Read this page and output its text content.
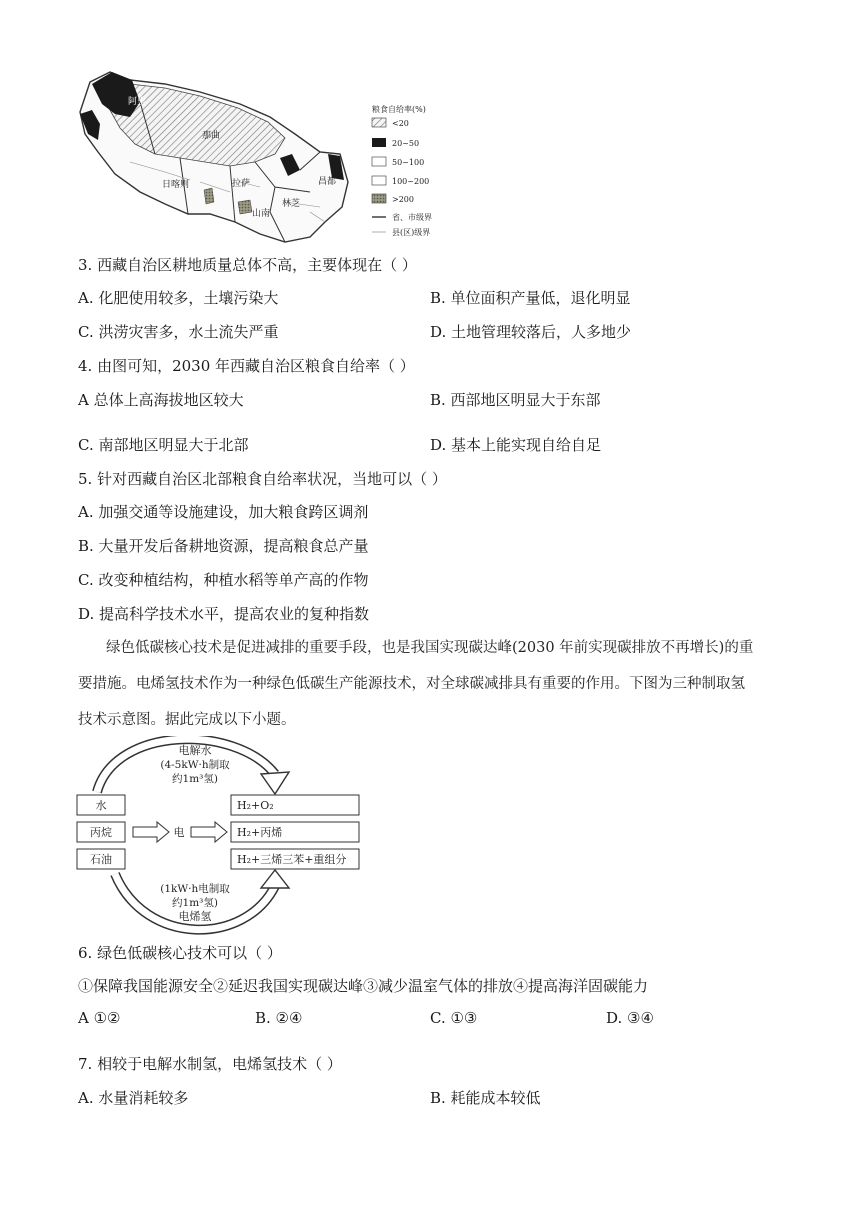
阿里
那曲
日喀则	拉萨	昌都
林芝
山南
粮食自给率(%)
<20
20~50
50~100
100~200
>200
省、市级界
县(区)级界
3. 西藏自治区耕地质量总体不高，主要体现在（ ）
A. 化肥使用较多，土壤污染大	B. 单位面积产量低，退化明显
C. 洪涝灾害多，水土流失严重	D. 土地管理较落后，人多地少
4. 由图可知，2030 年西藏自治区粮食自给率（ ）
A 总体上高海拔地区较大	B. 西部地区明显大于东部
C. 南部地区明显大于北部	D. 基本上能实现自给自足
5. 针对西藏自治区北部粮食自给率状况，当地可以（ ）
A. 加强交通等设施建设，加大粮食跨区调剂
B. 大量开发后备耕地资源，提高粮食总产量
C. 改变种植结构，种植水稻等单产高的作物
D. 提高科学技术水平，提高农业的复种指数
绿色低碳核心技术是促进减排的重要手段，也是我国实现碳达峰(2030 年前实现碳排放不再增长)的重
要措施。电烯氢技术作为一种绿色低碳生产能源技术，对全球碳减排具有重要的作用。下图为三种制取氢
技术示意图。据此完成以下小题。
电解水
(4-5kW·h制取
约1m³氢)
水
丙烷
石油
电
H₂+O₂
H₂+丙烯
H₂+三烯三苯+重组分
(1kW·h电制取
约1m³氢)
电烯氢
6. 绿色低碳核心技术可以（ ）
①保障我国能源安全②延迟我国实现碳达峰③减少温室气体的排放④提高海洋固碳能力
A ①②	B. ②④	C. ①③	D. ③④
7. 相较于电解水制氢，电烯氢技术（ ）
A. 水量消耗较多	B. 耗能成本较低
